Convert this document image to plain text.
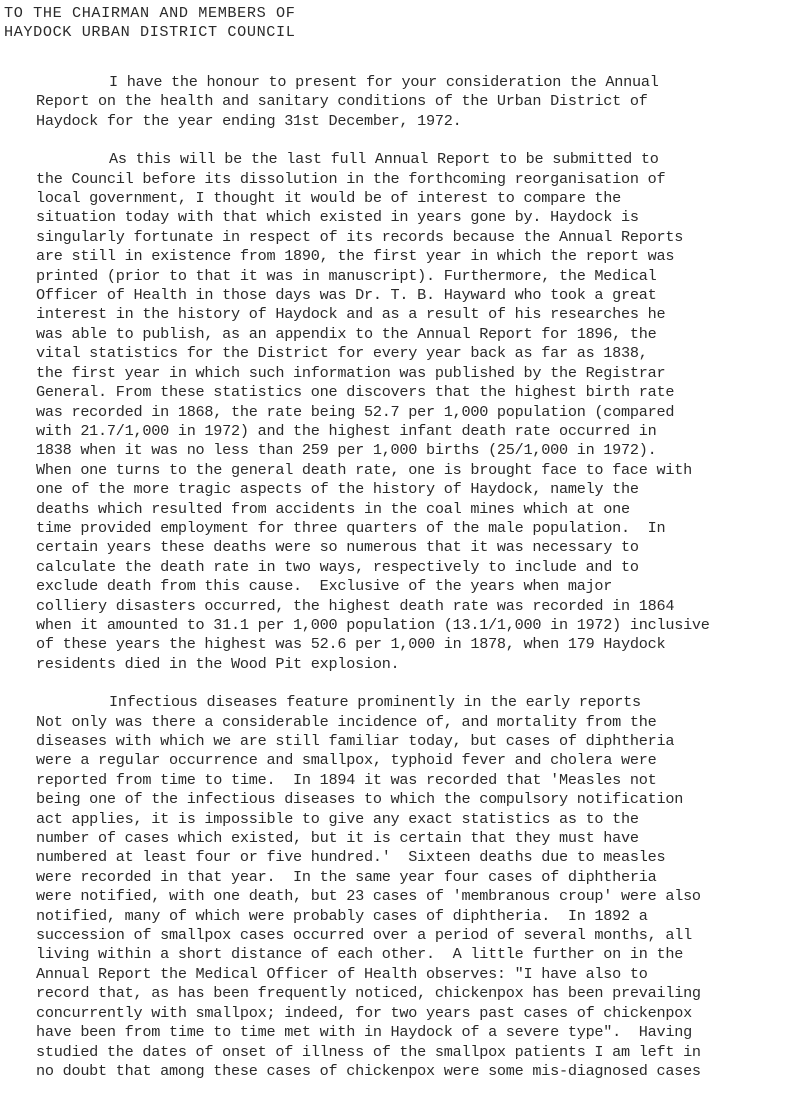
TO THE CHAIRMAN AND MEMBERS OF
HAYDOCK URBAN DISTRICT COUNCIL
I have the honour to present for your consideration the Annual
Report on the health and sanitary conditions of the Urban District of
Haydock for the year ending 31st December, 1972.
As this will be the last full Annual Report to be submitted to
the Council before its dissolution in the forthcoming reorganisation of
local government, I thought it would be of interest to compare the
situation today with that which existed in years gone by. Haydock is
singularly fortunate in respect of its records because the Annual Reports
are still in existence from 1890, the first year in which the report was
printed (prior to that it was in manuscript). Furthermore, the Medical
Officer of Health in those days was Dr. T. B. Hayward who took a great
interest in the history of Haydock and as a result of his researches he
was able to publish, as an appendix to the Annual Report for 1896, the
vital statistics for the District for every year back as far as 1838,
the first year in which such information was published by the Registrar
General. From these statistics one discovers that the highest birth rate
was recorded in 1868, the rate being 52.7 per 1,000 population (compared
with 21.7/1,000 in 1972) and the highest infant death rate occurred in
1838 when it was no less than 259 per 1,000 births (25/1,000 in 1972).
When one turns to the general death rate, one is brought face to face with
one of the more tragic aspects of the history of Haydock, namely the
deaths which resulted from accidents in the coal mines which at one
time provided employment for three quarters of the male population.  In
certain years these deaths were so numerous that it was necessary to
calculate the death rate in two ways, respectively to include and to
exclude death from this cause.  Exclusive of the years when major
colliery disasters occurred, the highest death rate was recorded in 1864
when it amounted to 31.1 per 1,000 population (13.1/1,000 in 1972) inclusive
of these years the highest was 52.6 per 1,000 in 1878, when 179 Haydock
residents died in the Wood Pit explosion.
Infectious diseases feature prominently in the early reports
Not only was there a considerable incidence of, and mortality from the
diseases with which we are still familiar today, but cases of diphtheria
were a regular occurrence and smallpox, typhoid fever and cholera were
reported from time to time.  In 1894 it was recorded that 'Measles not
being one of the infectious diseases to which the compulsory notification
act applies, it is impossible to give any exact statistics as to the
number of cases which existed, but it is certain that they must have
numbered at least four or five hundred.'  Sixteen deaths due to measles
were recorded in that year.  In the same year four cases of diphtheria
were notified, with one death, but 23 cases of 'membranous croup' were also
notified, many of which were probably cases of diphtheria.  In 1892 a
succession of smallpox cases occurred over a period of several months, all
living within a short distance of each other.  A little further on in the
Annual Report the Medical Officer of Health observes: "I have also to
record that, as has been frequently noticed, chickenpox has been prevailing
concurrently with smallpox; indeed, for two years past cases of chickenpox
have been from time to time met with in Haydock of a severe type".  Having
studied the dates of onset of illness of the smallpox patients I am left in
no doubt that among these cases of chickenpox were some mis-diagnosed cases
